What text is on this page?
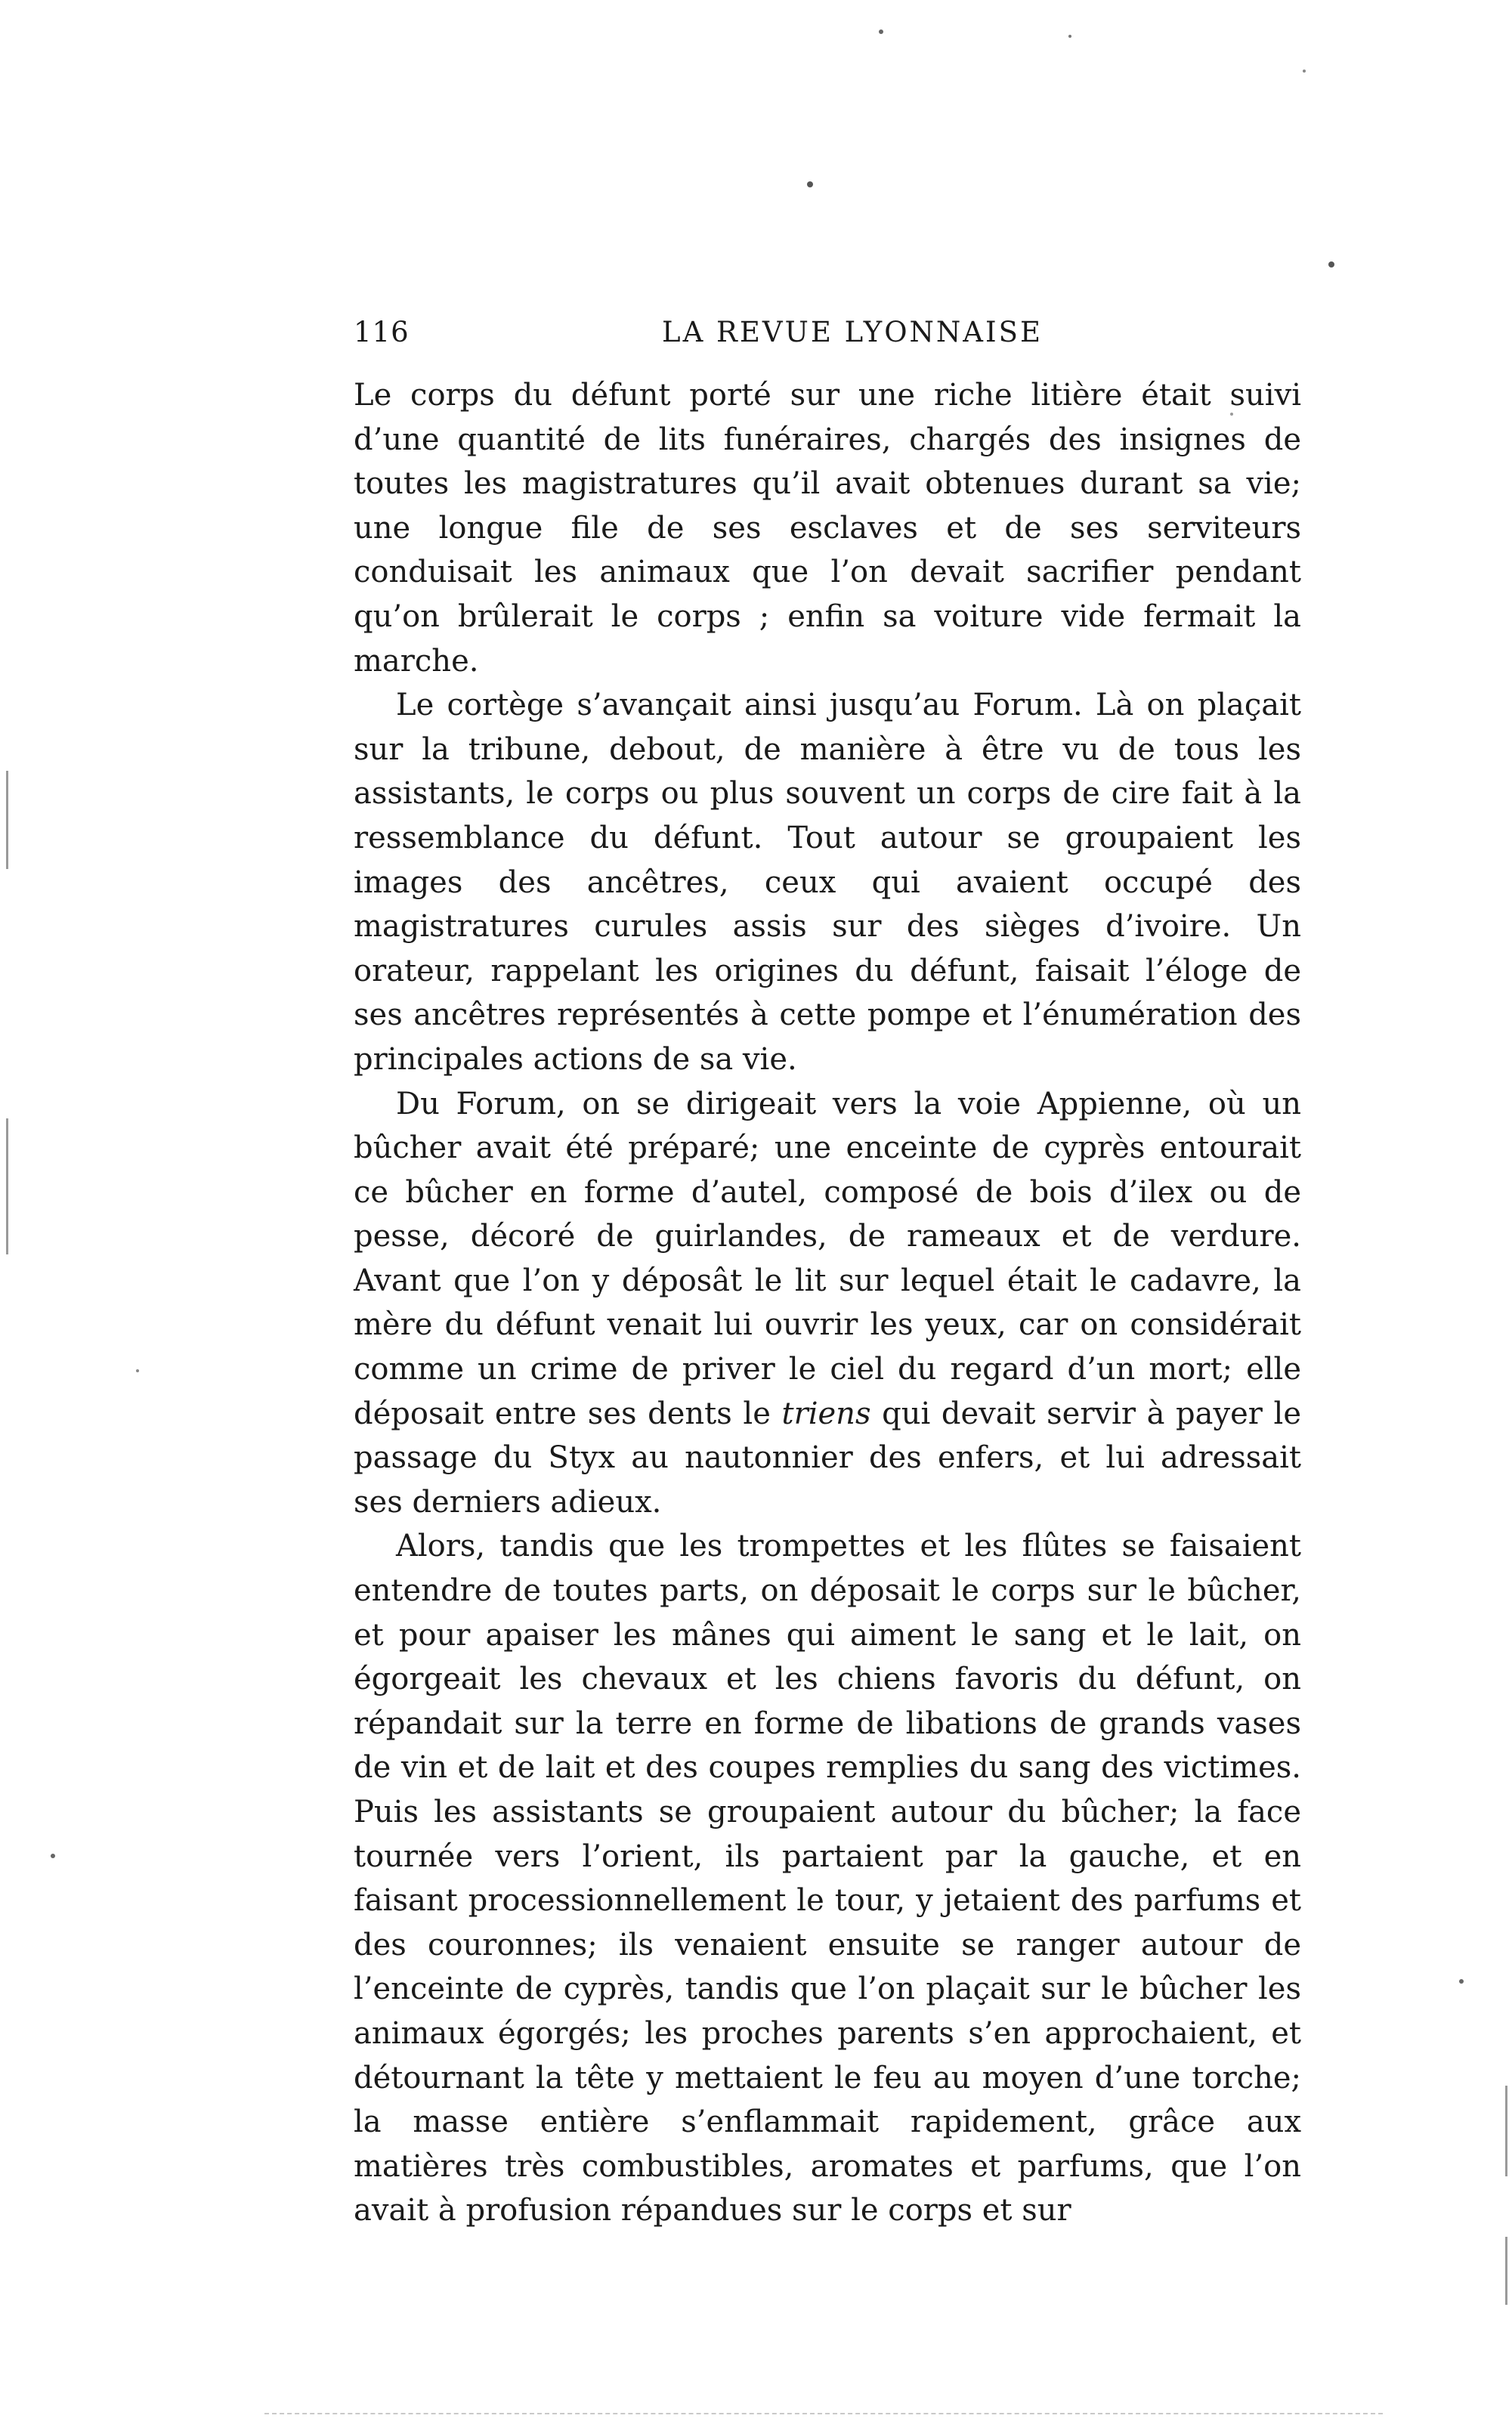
116	LA REVUE LYONNAISE

Le corps du défunt porté sur une riche litière était suivi d’une quantité de lits funéraires, chargés des insignes de toutes les magistratures qu’il avait obtenues durant sa vie; une longue file de ses esclaves et de ses serviteurs conduisait les animaux que l’on devait sacrifier pendant qu’on brûlerait le corps ; enfin sa voiture vide fermait la marche.

Le cortège s’avançait ainsi jusqu’au Forum. Là on plaçait sur la tribune, debout, de manière à être vu de tous les assistants, le corps ou plus souvent un corps de cire fait à la ressemblance du défunt. Tout autour se groupaient les images des ancêtres, ceux qui avaient occupé des magistratures curules assis sur des sièges d’ivoire. Un orateur, rappelant les origines du défunt, faisait l’éloge de ses ancêtres représentés à cette pompe et l’énumération des principales actions de sa vie.

Du Forum, on se dirigeait vers la voie Appienne, où un bûcher avait été préparé; une enceinte de cyprès entourait ce bûcher en forme d’autel, composé de bois d’ilex ou de pesse, décoré de guirlandes, de rameaux et de verdure. Avant que l’on y déposât le lit sur lequel était le cadavre, la mère du défunt venait lui ouvrir les yeux, car on considérait comme un crime de priver le ciel du regard d’un mort; elle déposait entre ses dents le triens qui devait servir à payer le passage du Styx au nautonnier des enfers, et lui adressait ses derniers adieux.

Alors, tandis que les trompettes et les flûtes se faisaient entendre de toutes parts, on déposait le corps sur le bûcher, et pour apaiser les mânes qui aiment le sang et le lait, on égorgeait les chevaux et les chiens favoris du défunt, on répandait sur la terre en forme de libations de grands vases de vin et de lait et des coupes remplies du sang des victimes. Puis les assistants se groupaient autour du bûcher; la face tournée vers l’orient, ils partaient par la gauche, et en faisant processionnellement le tour, y jetaient des parfums et des couronnes; ils venaient ensuite se ranger autour de l’enceinte de cyprès, tandis que l’on plaçait sur le bûcher les animaux égorgés; les proches parents s’en approchaient, et détournant la tête y mettaient le feu au moyen d’une torche; la masse entière s’enflammait rapidement, grâce aux matières très combustibles, aromates et parfums, que l’on avait à profusion répandues sur le corps et sur
